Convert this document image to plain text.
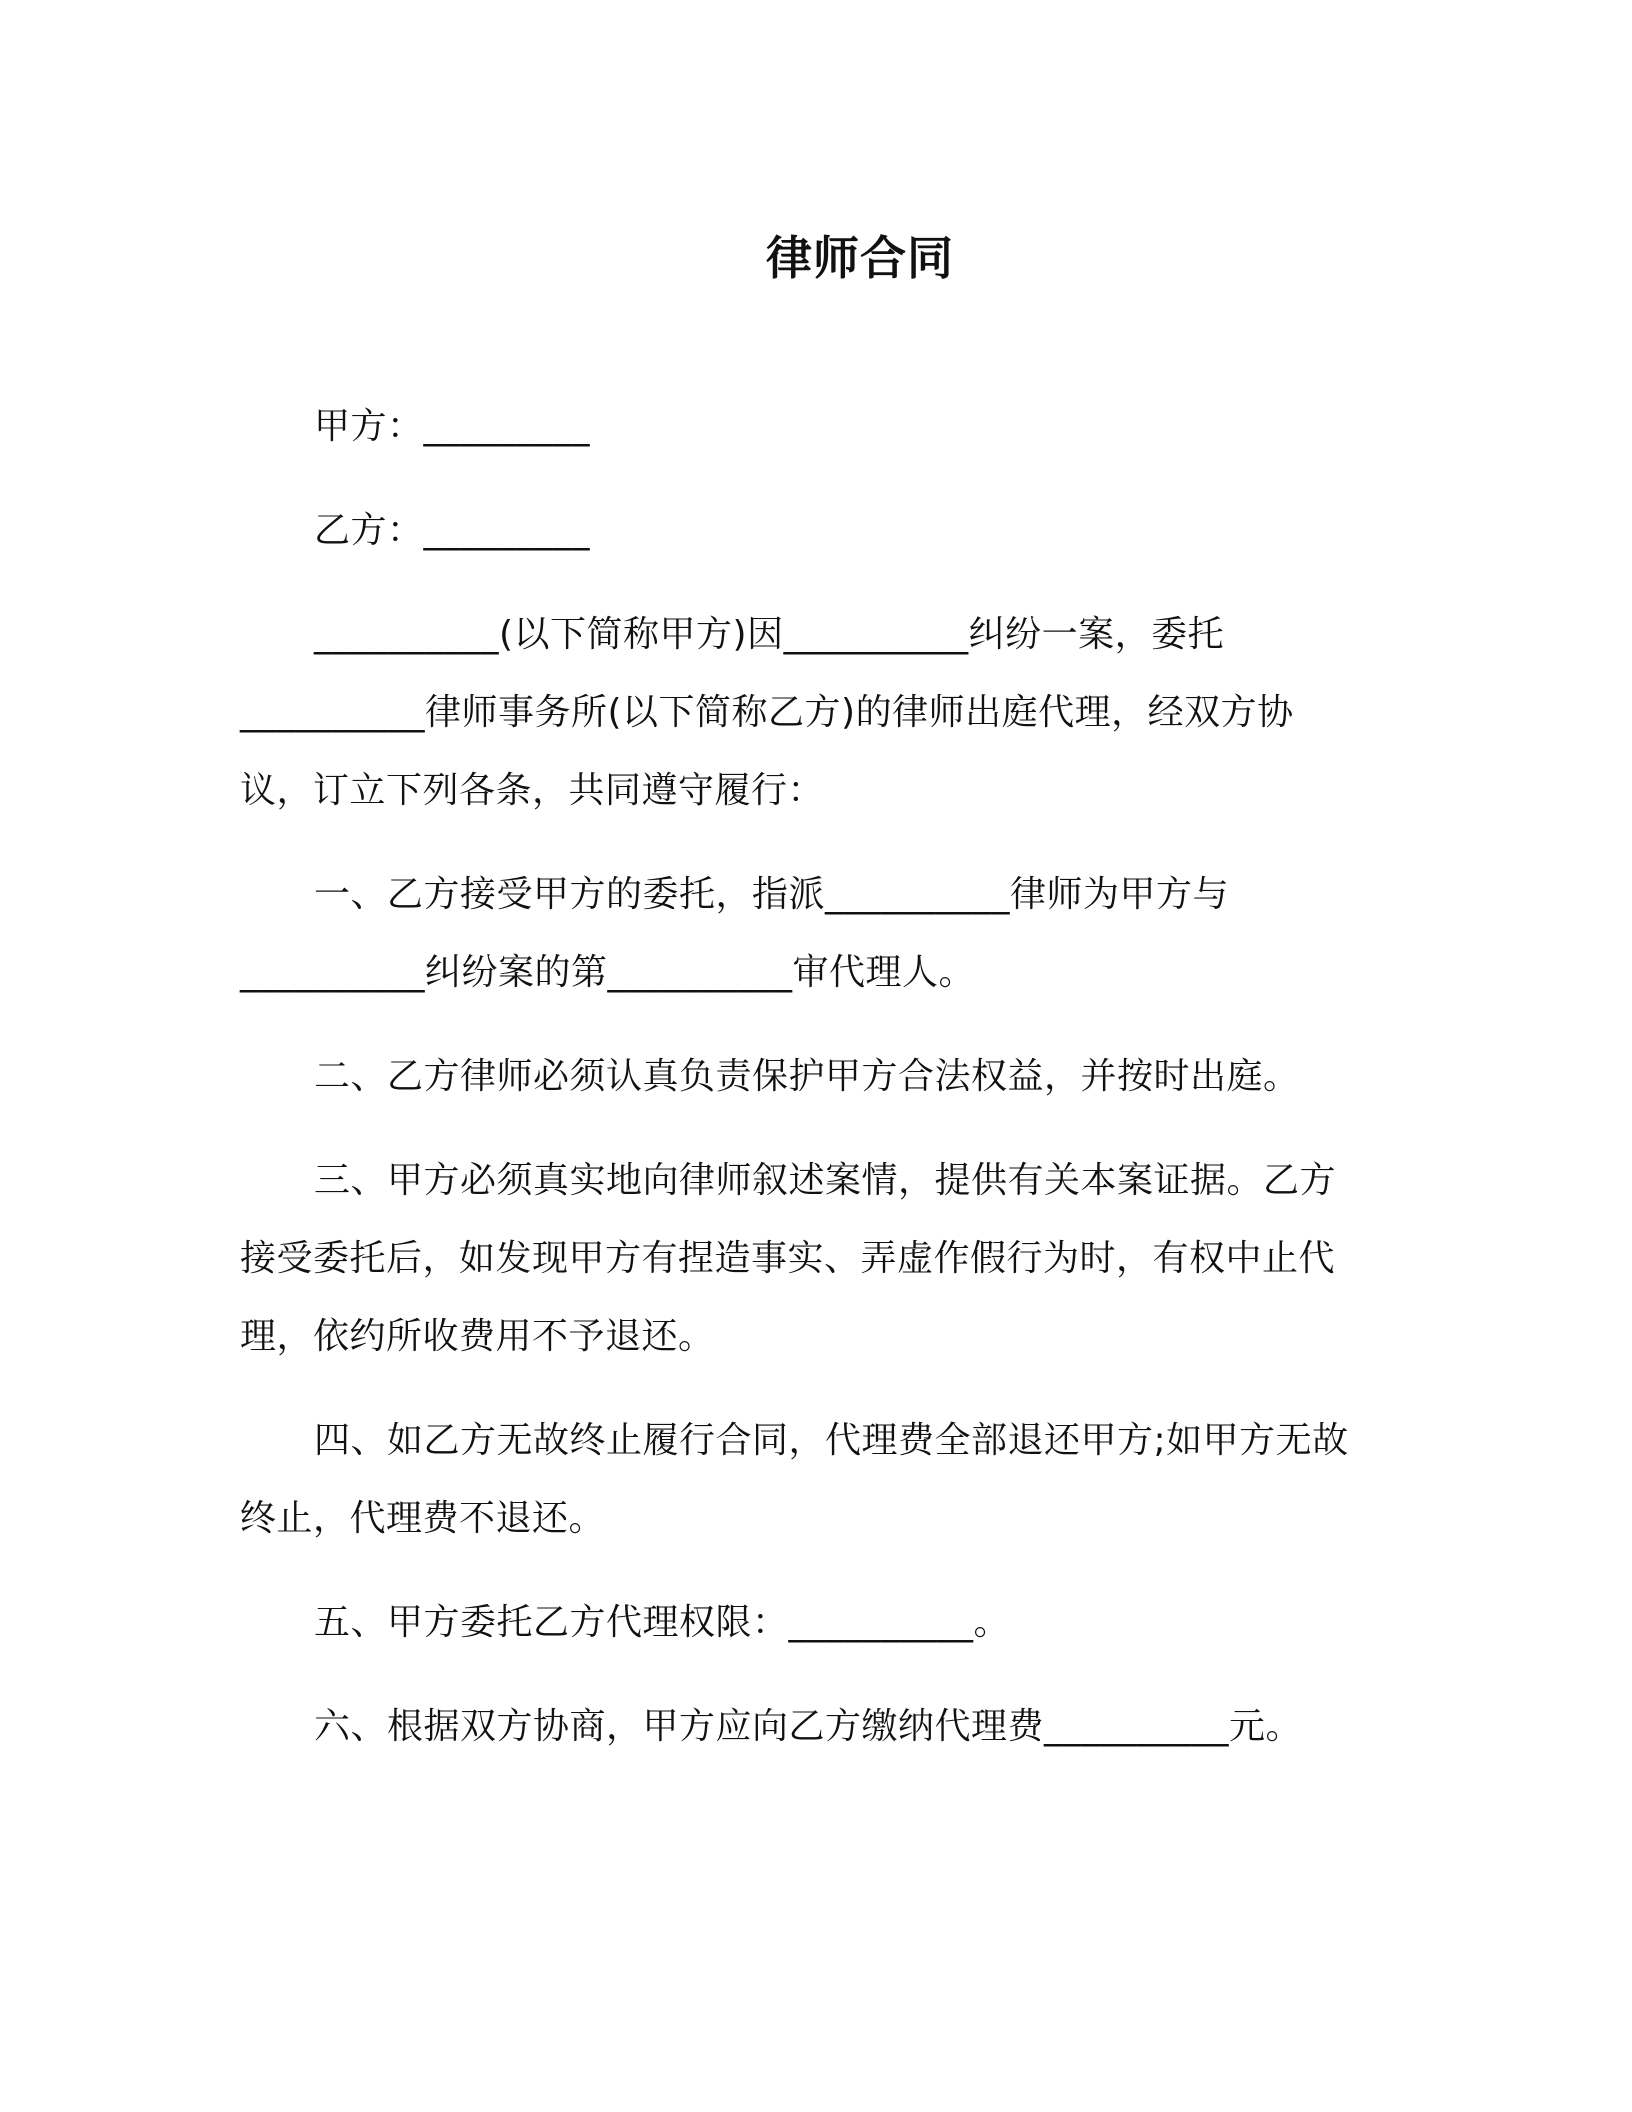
律师合同

甲方：_________

乙方：_________

__________(以下简称甲方)因__________纠纷一案，委托__________律师事务所(以下简称乙方)的律师出庭代理，经双方协议，订立下列各条，共同遵守履行：

一、乙方接受甲方的委托，指派__________律师为甲方与__________纠纷案的第__________审代理人。

二、乙方律师必须认真负责保护甲方合法权益，并按时出庭。

三、甲方必须真实地向律师叙述案情，提供有关本案证据。乙方接受委托后，如发现甲方有捏造事实、弄虚作假行为时，有权中止代理，依约所收费用不予退还。

四、如乙方无故终止履行合同，代理费全部退还甲方;如甲方无故终止，代理费不退还。

五、甲方委托乙方代理权限：__________。

六、根据双方协商，甲方应向乙方缴纳代理费__________元。
